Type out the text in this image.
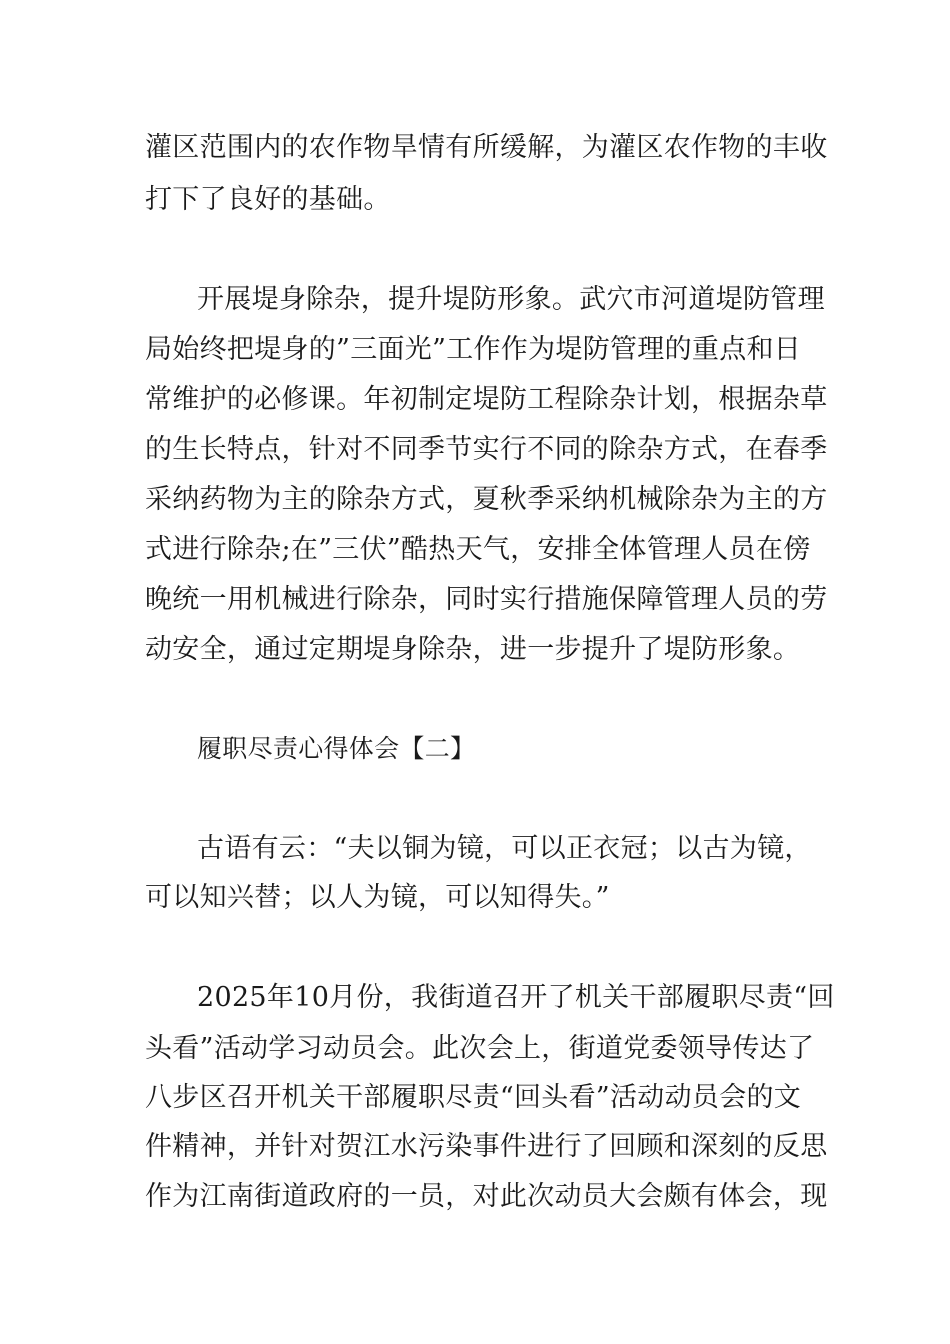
灌区范围内的农作物旱情有所缓解，为灌区农作物的丰收
打下了良好的基础。
开展堤身除杂，提升堤防形象。武穴市河道堤防管理
局始终把堤身的”三面光”工作作为堤防管理的重点和日
常维护的必修课。年初制定堤防工程除杂计划，根据杂草
的生长特点，针对不同季节实行不同的除杂方式，在春季
采纳药物为主的除杂方式，夏秋季采纳机械除杂为主的方
式进行除杂;在”三伏”酷热天气，安排全体管理人员在傍
晚统一用机械进行除杂，同时实行措施保障管理人员的劳
动安全，通过定期堤身除杂，进一步提升了堤防形象。
履职尽责心得体会【二】
古语有云：“夫以铜为镜，可以正衣冠；以古为镜，
可以知兴替；以人为镜，可以知得失。”
2025年10月份，我街道召开了机关干部履职尽责“回
头看”活动学习动员会。此次会上，街道党委领导传达了
八步区召开机关干部履职尽责“回头看”活动动员会的文
件精神，并针对贺江水污染事件进行了回顾和深刻的反思
作为江南街道政府的一员，对此次动员大会颇有体会，现
